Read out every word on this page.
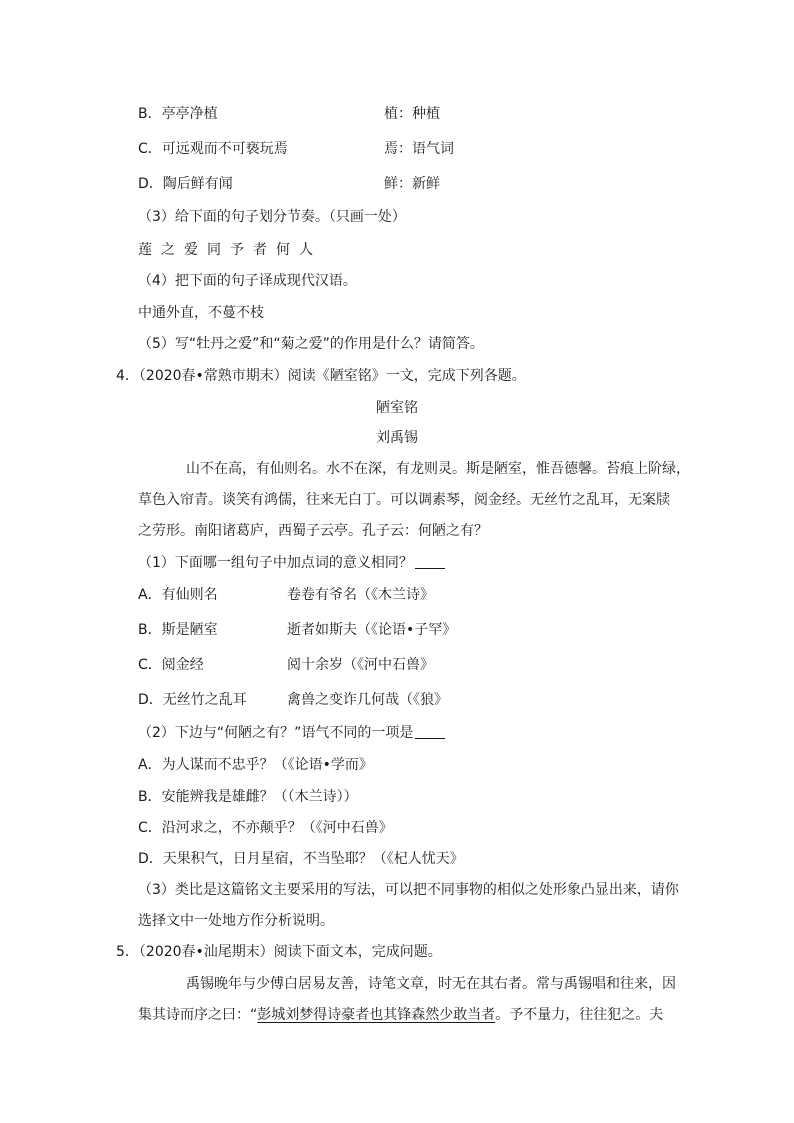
B．亭亭净植	植：种植
C．可远观而不可亵玩焉	焉：语气词
D．陶后鲜有闻	鲜：新鲜
（3）给下面的句子划分节奏。（只画一处）
莲之爱同予者何人
（4）把下面的句子译成现代汉语。
中通外直，不蔓不枝
（5）写“牡丹之爱”和“菊之爱”的作用是什么？请简答。
4．（2020春•常熟市期末）阅读《陋室铭》一文，完成下列各题。
陋室铭
刘禹锡
山不在高，有仙则名。水不在深，有龙则灵。斯是陋室，惟吾德馨。苔痕上阶绿，
草色入帘青。谈笑有鸿儒，往来无白丁。可以调素琴，阅金经。无丝竹之乱耳，无案牍
之劳形。南阳诸葛庐，西蜀子云亭。孔子云：何陋之有？
（1）下面哪一组句子中加点词的意义相同？
A．有仙则名	卷卷有爷名（《木兰诗》
B．斯是陋室	逝者如斯夫（《论语•子罕》
C．阅金经	阅十余岁（《河中石兽》
D．无丝竹之乱耳	禽兽之变诈几何哉（《狼》
（2）下边与“何陋之有？”语气不同的一项是
A．为人谋而不忠乎？（《论语•学而》
B．安能辨我是雄雌？（（木兰诗））
C．沿河求之，不亦颠乎？（《河中石兽》
D．天果积气，日月星宿，不当坠耶？（《杞人忧天》
（3）类比是这篇铭文主要采用的写法，可以把不同事物的相似之处形象凸显出来，请你
选择文中一处地方作分析说明。
5．（2020春•汕尾期末）阅读下面文本，完成问题。
禹锡晚年与少傅白居易友善，诗笔文章，时无在其右者。常与禹锡唱和往来，因
集其诗而序之曰：“彭城刘梦得诗豪者也其锋森然少敢当者。予不量力，往往犯之。夫
